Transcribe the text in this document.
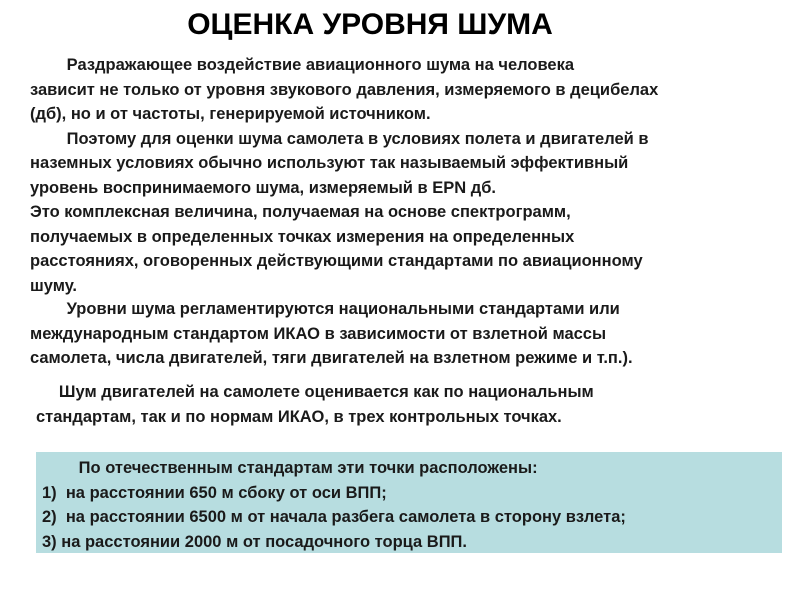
ОЦЕНКА УРОВНЯ ШУМА
Раздражающее воздействие авиационного шума на человека
зависит не только от уровня звукового давления, измеряемого в децибелах
(дб), но и от частоты, генерируемой источником.
Поэтому для оценки шума самолета в условиях полета и двигателей в
наземных условиях обычно используют так называемый эффективный
уровень воспринимаемого шума, измеряемый в EPN дб.
Это комплексная величина, получаемая на основе спектрограмм,
получаемых в определенных точках измерения на определенных
расстояниях, оговоренных действующими стандартами по авиационному
шуму.
Уровни шума регламентируются национальными стандартами или
международным стандартом ИКАО в зависимости от взлетной массы
самолета, числа двигателей, тяги двигателей на взлетном режиме и т.п.).
Шум двигателей на самолете оценивается как по национальным
стандартам, так и по нормам ИКАО, в трех контрольных точках.
По отечественным стандартам эти точки расположены:
1)  на расстоянии 650 м сбоку от оси ВПП;
2)  на расстоянии 6500 м от начала разбега самолета в сторону взлета;
3) на расстоянии 2000 м от посадочного торца ВПП.
